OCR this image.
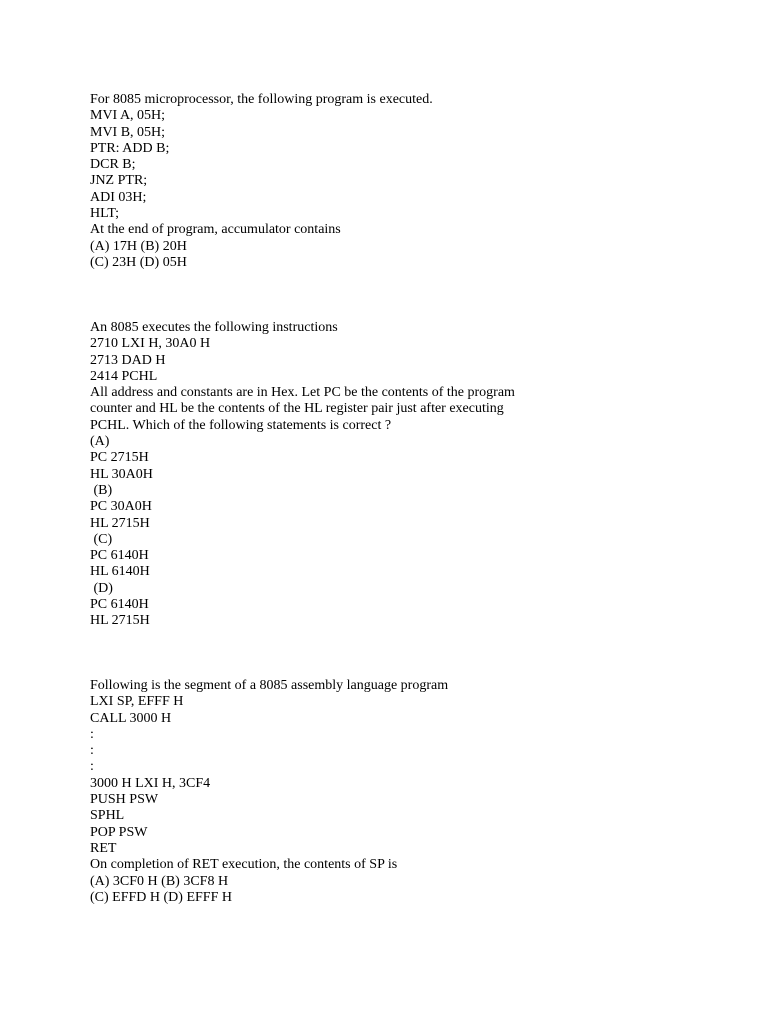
For 8085 microprocessor, the following program is executed.
MVI A, 05H;
MVI B, 05H;
PTR: ADD B;
DCR B;
JNZ PTR;
ADI 03H;
HLT;
At the end of program, accumulator contains
(A) 17H (B) 20H
(C) 23H (D) 05H
An 8085 executes the following instructions
2710 LXI H, 30A0 H
2713 DAD H
2414 PCHL
All address and constants are in Hex. Let PC be the contents of the program
counter and HL be the contents of the HL register pair just after executing
PCHL. Which of the following statements is correct ?
(A)
PC 2715H
HL 30A0H
(B)
PC 30A0H
HL 2715H
(C)
PC 6140H
HL 6140H
(D)
PC 6140H
HL 2715H
Following is the segment of a 8085 assembly language program
LXI SP, EFFF H
CALL 3000 H
:
:
:
3000 H LXI H, 3CF4
PUSH PSW
SPHL
POP PSW
RET
On completion of RET execution, the contents of SP is
(A) 3CF0 H (B) 3CF8 H
(C) EFFD H (D) EFFF H
